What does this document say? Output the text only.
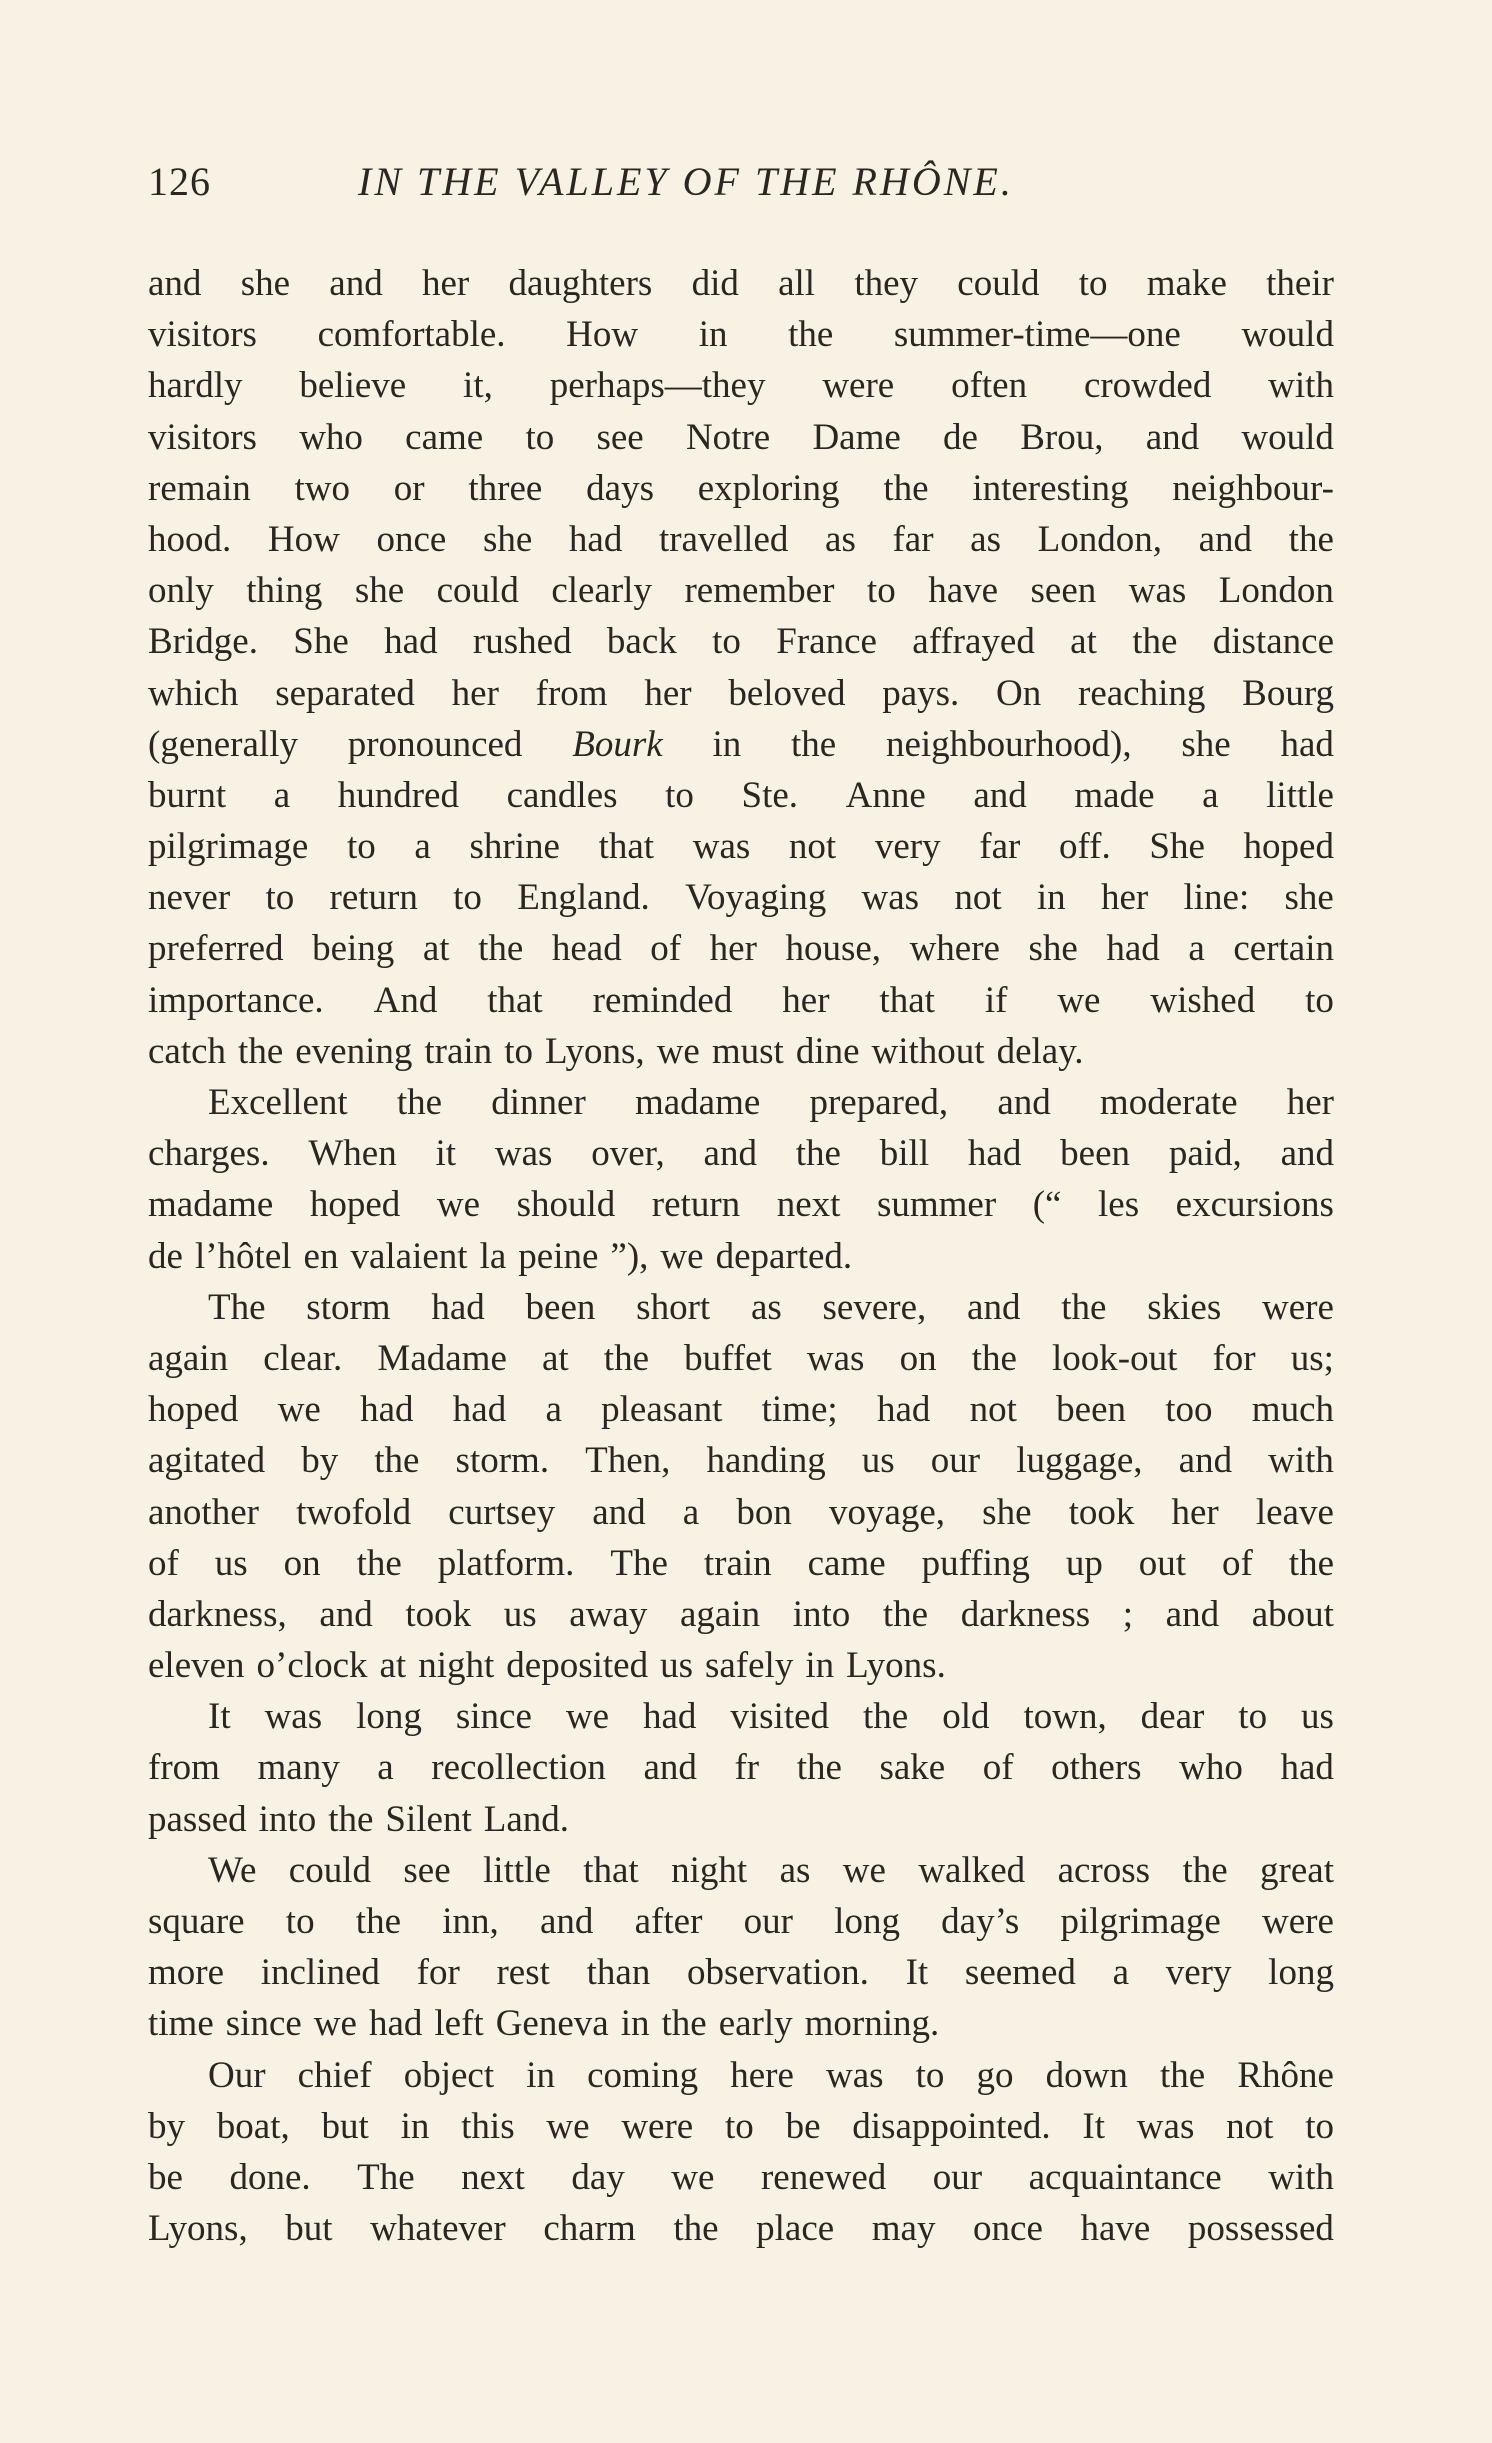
126	IN THE VALLEY OF THE RHÔNE.
and she and her daughters did all they could to make their
visitors comfortable. How in the summer-time—one would
hardly believe it, perhaps—they were often crowded with
visitors who came to see Notre Dame de Brou, and would
remain two or three days exploring the interesting neighbour-
hood. How once she had travelled as far as London, and the
only thing she could clearly remember to have seen was London
Bridge. She had rushed back to France affrayed at the distance
which separated her from her beloved pays. On reaching Bourg
(generally pronounced Bourk in the neighbourhood), she had
burnt a hundred candles to Ste. Anne and made a little
pilgrimage to a shrine that was not very far off. She hoped
never to return to England. Voyaging was not in her line: she
preferred being at the head of her house, where she had a certain
importance. And that reminded her that if we wished to
catch the evening train to Lyons, we must dine without delay.
Excellent the dinner madame prepared, and moderate her
charges. When it was over, and the bill had been paid, and
madame hoped we should return next summer (“ les excursions
de l’hôtel en valaient la peine ”), we departed.
The storm had been short as severe, and the skies were
again clear. Madame at the buffet was on the look-out for us;
hoped we had had a pleasant time; had not been too much
agitated by the storm. Then, handing us our luggage, and with
another twofold curtsey and a bon voyage, she took her leave
of us on the platform. The train came puffing up out of the
darkness, and took us away again into the darkness ; and about
eleven o’clock at night deposited us safely in Lyons.
It was long since we had visited the old town, dear to us
from many a recollection and fr the sake of others who had
passed into the Silent Land.
We could see little that night as we walked across the great
square to the inn, and after our long day’s pilgrimage were
more inclined for rest than observation. It seemed a very long
time since we had left Geneva in the early morning.
Our chief object in coming here was to go down the Rhône
by boat, but in this we were to be disappointed. It was not to
be done. The next day we renewed our acquaintance with
Lyons, but whatever charm the place may once have possessed
